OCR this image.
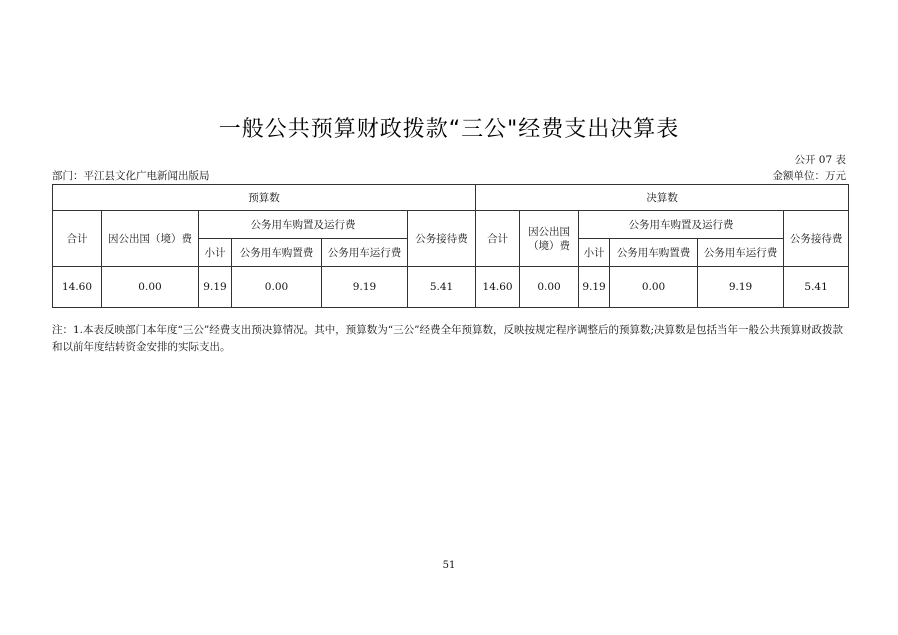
一般公共预算财政拨款“三公"经费支出决算表
公开 07 表
部门：平江县文化广电新闻出版局	金额单位：万元
预算数						决算数					
合计	因公出国（境）费	公务用车购置及运行费			公务接待费	合计	因公出国（境）费	公务用车购置及运行费			公务接待费
		小计	公务用车购置费	公务用车运行费				小计	公务用车购置费	公务用车运行费	
14.60	0.00	9.19	0.00	9.19	5.41	14.60	0.00	9.19	0.00	9.19	5.41
注：1.本表反映部门本年度“三公”经费支出预决算情况。其中，预算数为“三公”经费全年预算数，反映按规定程序调整后的预算数;决算数是包括当年一般公共预算财政拨款和以前年度结转资金安排的实际支出。
51
